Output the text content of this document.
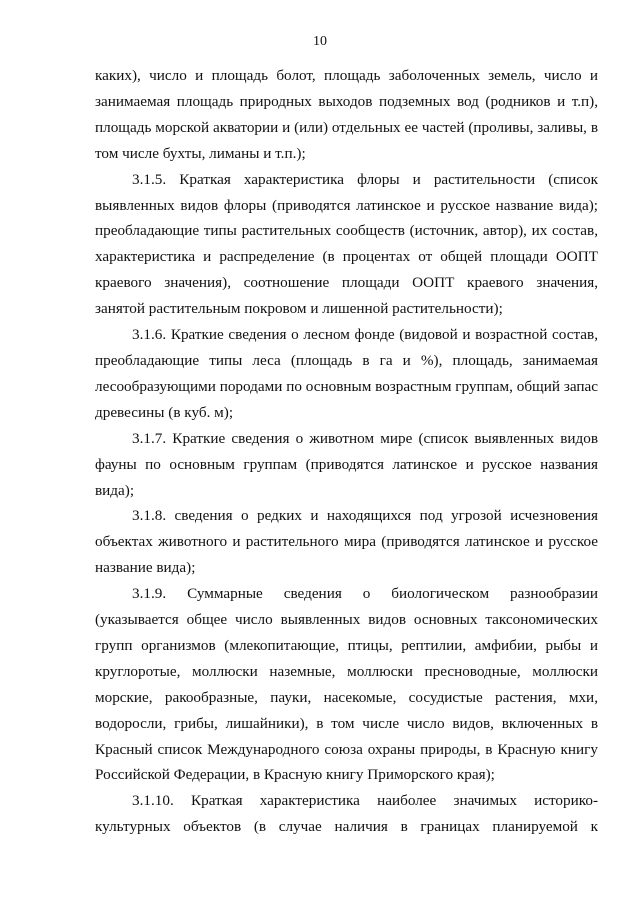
10

каких), число и площадь болот, площадь заболоченных земель, число и занимаемая площадь природных выходов подземных вод (родников и т.п), площадь морской акватории и (или) отдельных ее частей (проливы, заливы, в том числе бухты, лиманы и т.п.);

3.1.5. Краткая характеристика флоры и растительности (список выявленных видов флоры (приводятся латинское и русское название вида); преобладающие типы растительных сообществ (источник, автор), их состав, характеристика и распределение (в процентах от общей площади ООПТ краевого значения), соотношение площади ООПТ краевого значения, занятой растительным покровом и лишенной растительности);

3.1.6. Краткие сведения о лесном фонде (видовой и возрастной состав, преобладающие типы леса (площадь в га и %), площадь, занимаемая лесообразующими породами по основным возрастным группам, общий запас древесины (в куб. м);

3.1.7. Краткие сведения о животном мире (список выявленных видов фауны по основным группам (приводятся латинское и русское названия вида);

3.1.8. сведения о редких и находящихся под угрозой исчезновения объектах животного и растительного мира (приводятся латинское и русское название вида);

3.1.9. Суммарные сведения о биологическом разнообразии (указывается общее число выявленных видов основных таксономических групп организмов (млекопитающие, птицы, рептилии, амфибии, рыбы и круглоротые, моллюски наземные, моллюски пресноводные, моллюски морские, ракообразные, пауки, насекомые, сосудистые растения, мхи, водоросли, грибы, лишайники), в том числе число видов, включенных в Красный список Международного союза охраны природы, в Красную книгу Российской Федерации, в Красную книгу Приморского края);

3.1.10. Краткая характеристика наиболее значимых историко-культурных объектов (в случае наличия в границах планируемой к
